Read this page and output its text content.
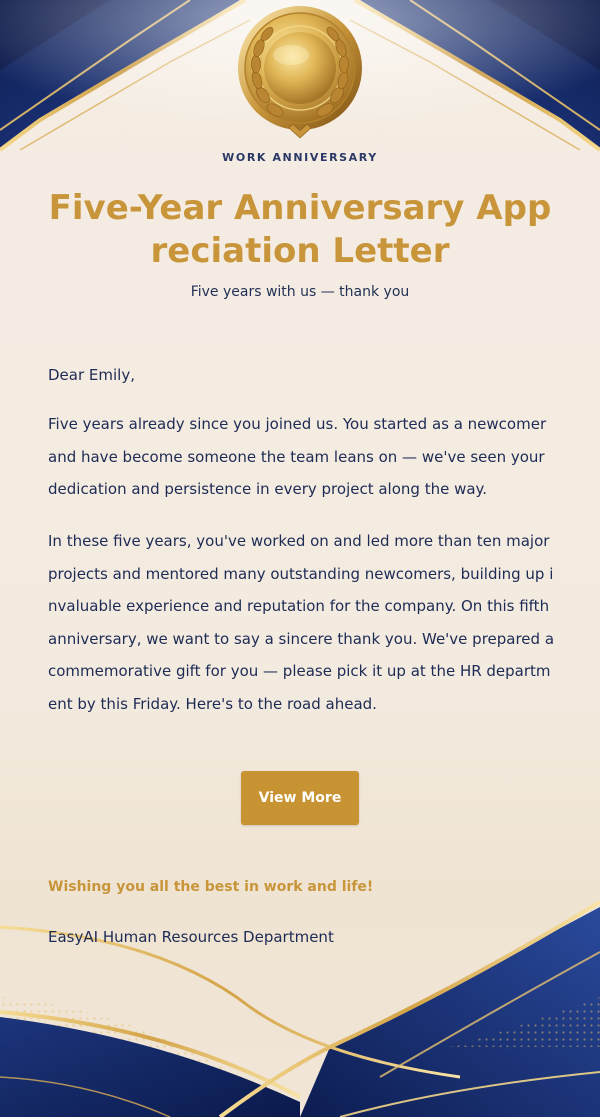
WORK ANNIVERSARY
Five-Year Anniversary Appreciation Letter
Five years with us — thank you
Dear Emily,

Five years already since you joined us. You started as a newcomer and have become someone the team leans on — we've seen your dedication and persistence in every project along the way.

In these five years, you've worked on and led more than ten major projects and mentored many outstanding newcomers, building up invaluable experience and reputation for the company. On this fifth anniversary, we want to say a sincere thank you. We've prepared a commemorative gift for you — please pick it up at the HR department by this Friday. Here's to the road ahead.

View More
Wishing you all the best in work and life!
EasyAI Human Resources Department
